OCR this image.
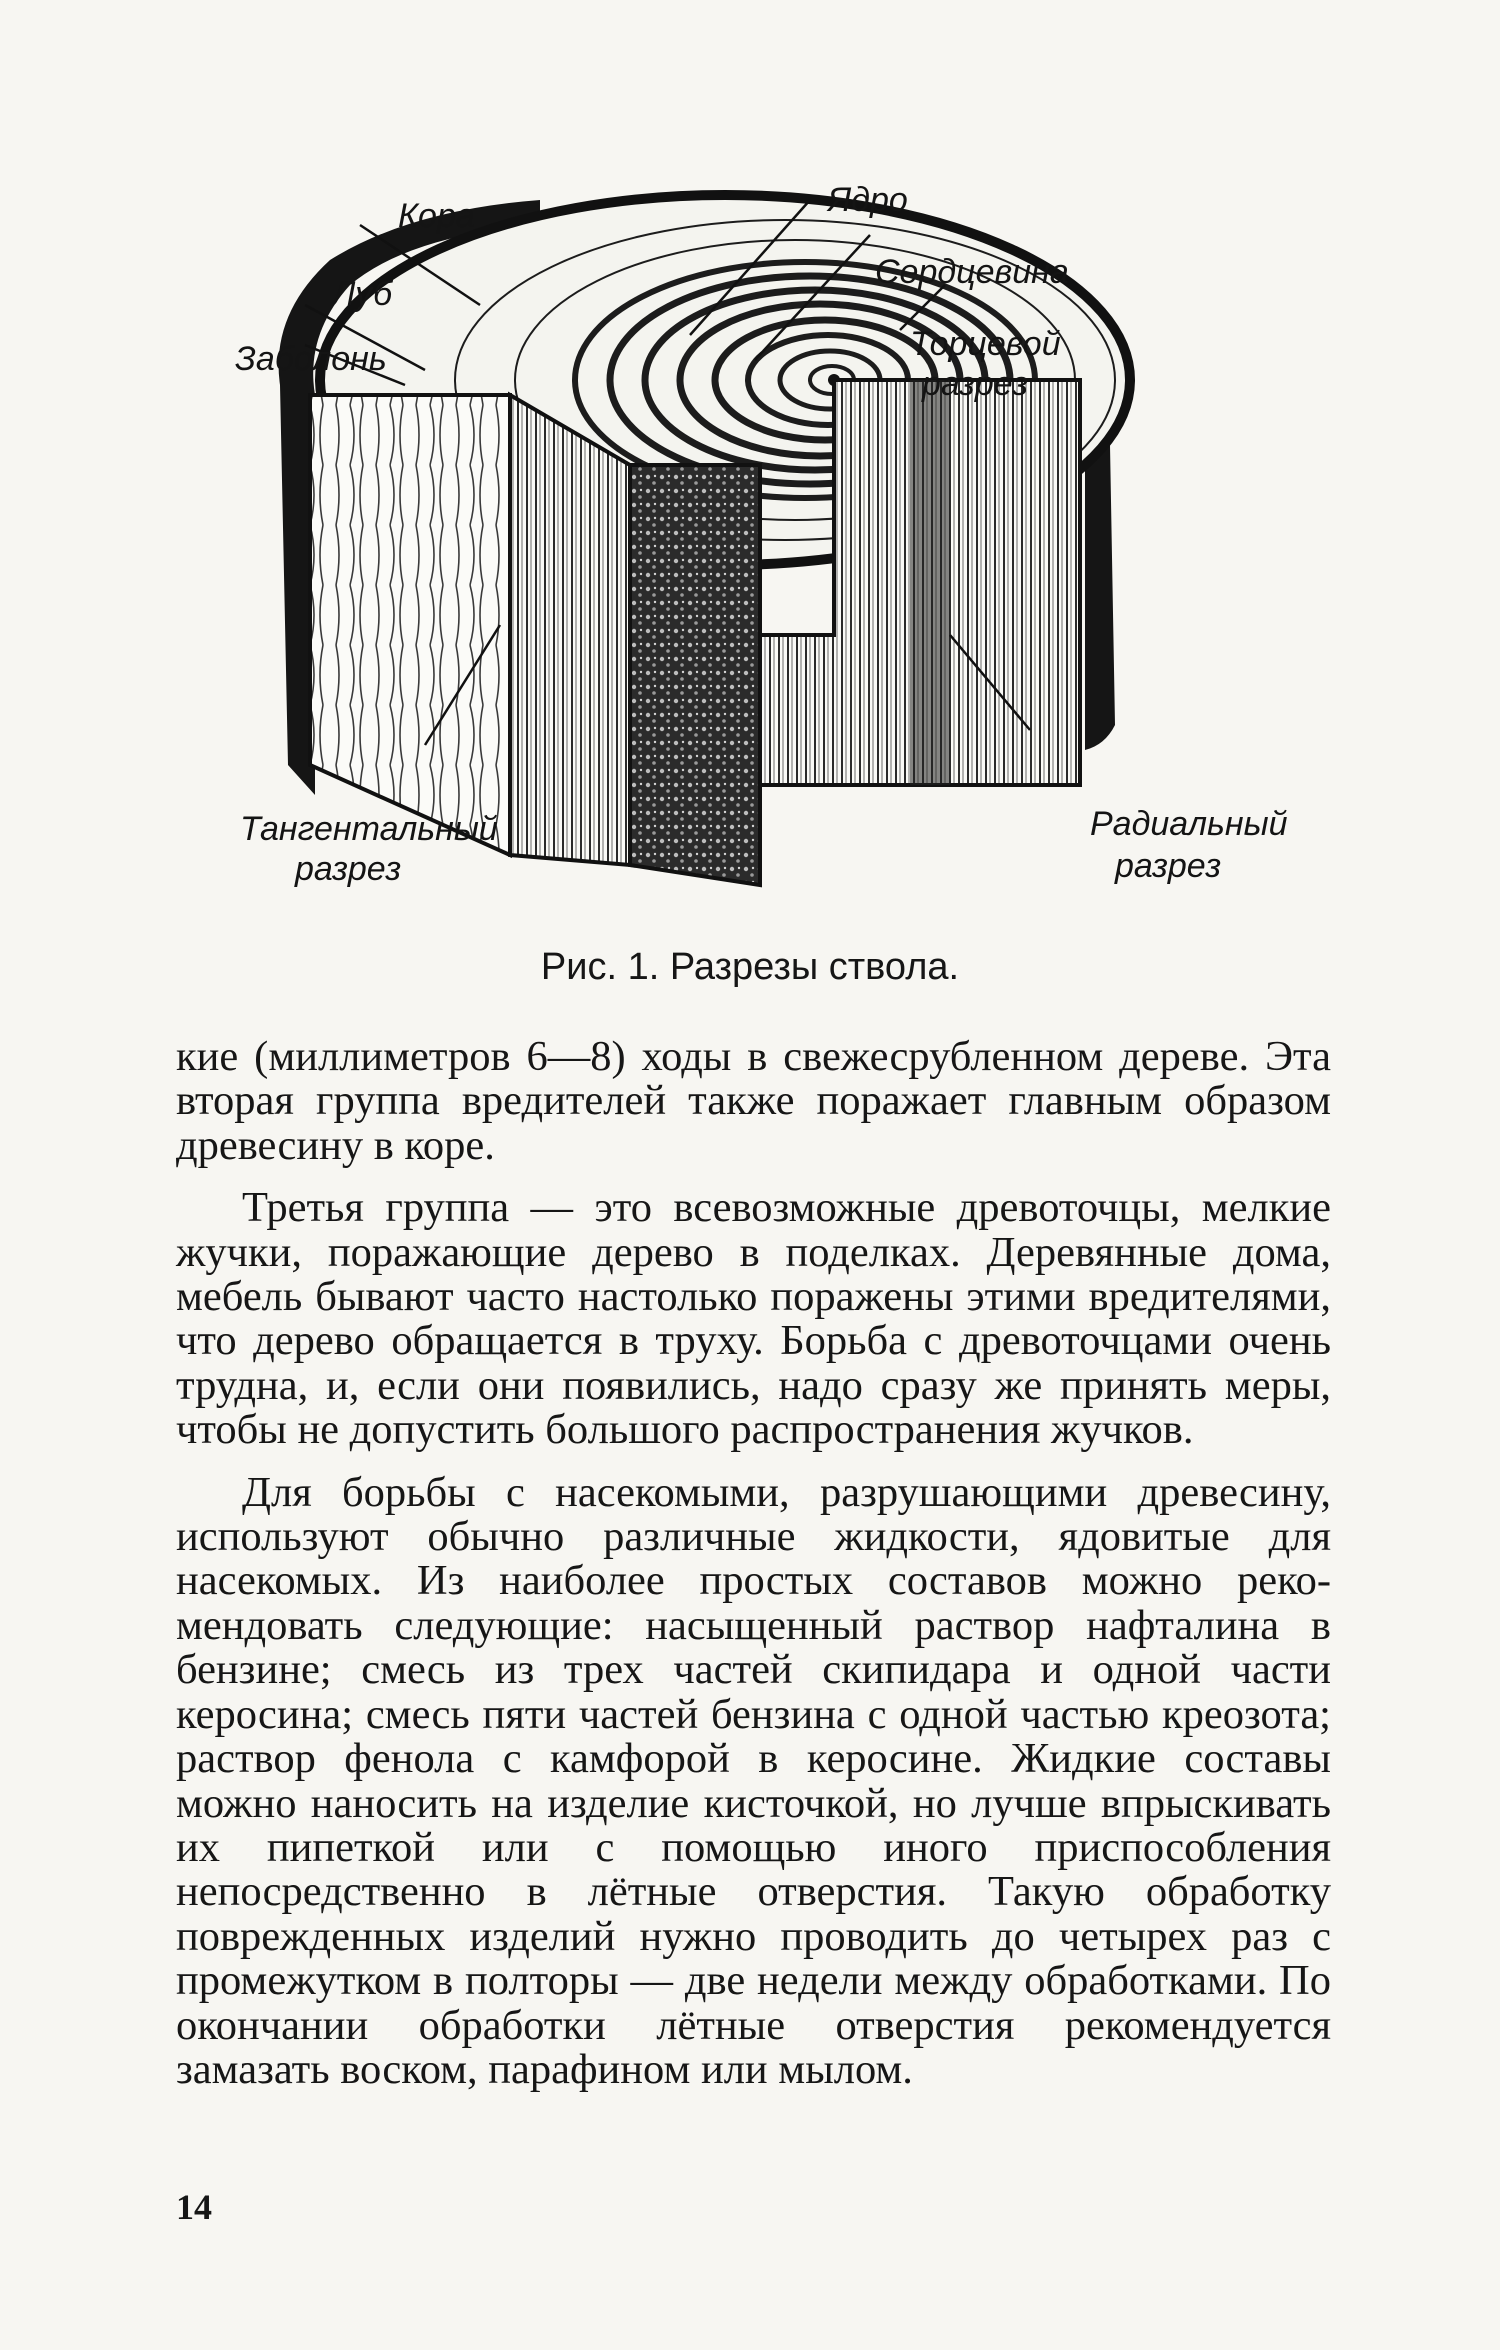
Кора
Луб
Заболонь
Ядро
Сердцевина
Торцевой
разрез
Тангентальный
разрез
Радиальный
разрез
Рис. 1. Разрезы ствола.

кие (миллиметров 6—8) ходы в свежесрубленном дереве. Эта вторая группа вредителей также поражает главным образом древесину в коре.

Третья группа — это всевозможные древоточцы, мелкие жучки, поражающие дерево в поделках. Деревянные дома, мебель бывают часто настолько поражены этими вредителями, что дерево обращается в труху. Борьба с древоточцами очень трудна, и, если они появились, надо сразу же принять меры, чтобы не допустить большого распространения жучков.

Для борьбы с насекомыми, разрушающими древесину, используют обычно различные жидкости, ядовитые для насекомых. Из наиболее простых составов можно рекомендовать следующие: насыщенный раствор нафталина в бензине; смесь из трех частей скипидара и одной части керосина; смесь пяти частей бензина с одной частью креозота; раствор фенола с камфорой в керосине. Жидкие составы можно наносить на изделие кисточкой, но лучше впрыскивать их пипеткой или с помощью иного приспособления непосредственно в лётные отверстия. Такую обработку поврежденных изделий нужно проводить до четырех раз с промежутком в полторы — две недели между обработками. По окончании обработки лётные отверстия рекомендуется замазать воском, парафином или мылом.

14
